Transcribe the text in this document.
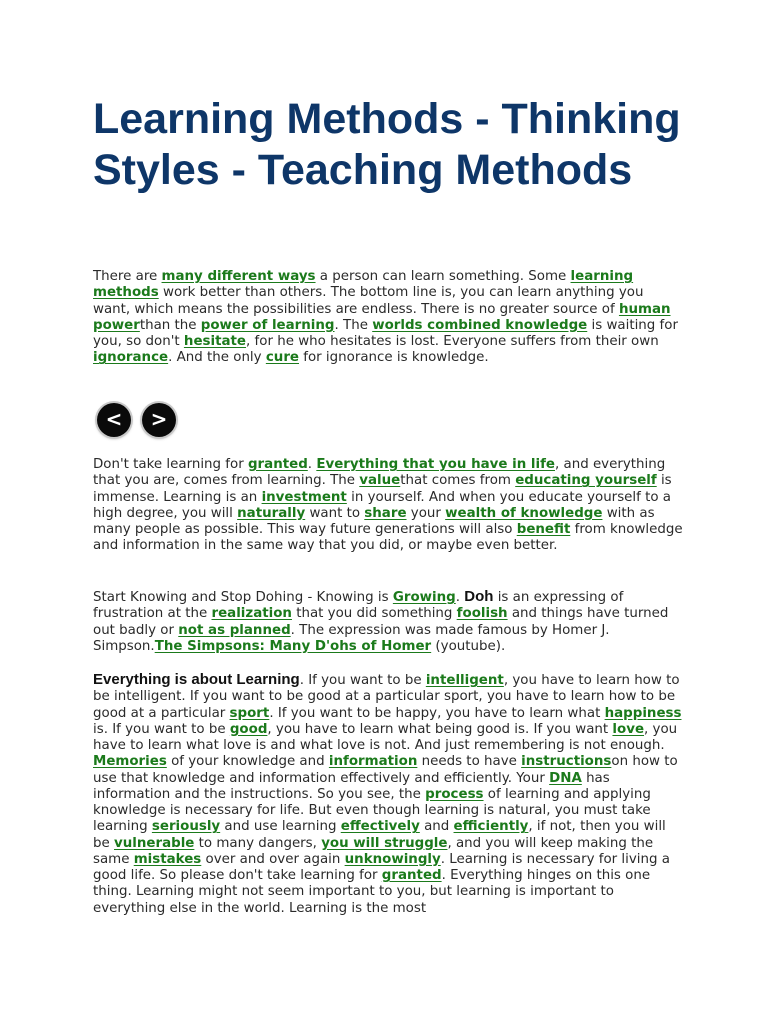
Learning Methods - Thinking Styles - Teaching Methods

There are many different ways a person can learn something. Some learning methods work better than others. The bottom line is, you can learn anything you want, which means the possibilities are endless. There is no greater source of human powerthan the power of learning. The worlds combined knowledge is waiting for you, so don't hesitate, for he who hesitates is lost. Everyone suffers from their own ignorance. And the only cure for ignorance is knowledge.

< >

Don't take learning for granted. Everything that you have in life, and everything that you are, comes from learning. The valuethat comes from educating yourself is immense. Learning is an investment in yourself. And when you educate yourself to a high degree, you will naturally want to share your wealth of knowledge with as many people as possible. This way future generations will also benefit from knowledge and information in the same way that you did, or maybe even better.

Start Knowing and Stop Dohing - Knowing is Growing. Doh is an expressing of frustration at the realization that you did something foolish and things have turned out badly or not as planned. The expression was made famous by Homer J. Simpson.The Simpsons: Many D'ohs of Homer (youtube).

Everything is about Learning. If you want to be intelligent, you have to learn how to be intelligent. If you want to be good at a particular sport, you have to learn how to be good at a particular sport. If you want to be happy, you have to learn what happiness is. If you want to be good, you have to learn what being good is. If you want love, you have to learn what love is and what love is not. And just remembering is not enough. Memories of your knowledge and information needs to have instructionson how to use that knowledge and information effectively and efficiently. Your DNA has information and the instructions. So you see, the process of learning and applying knowledge is necessary for life. But even though learning is natural, you must take learning seriously and use learning effectively and efficiently, if not, then you will be vulnerable to many dangers, you will struggle, and you will keep making the same mistakes over and over again unknowingly. Learning is necessary for living a good life. So please don't take learning for granted. Everything hinges on this one thing. Learning might not seem important to you, but learning is important to everything else in the world. Learning is the most
